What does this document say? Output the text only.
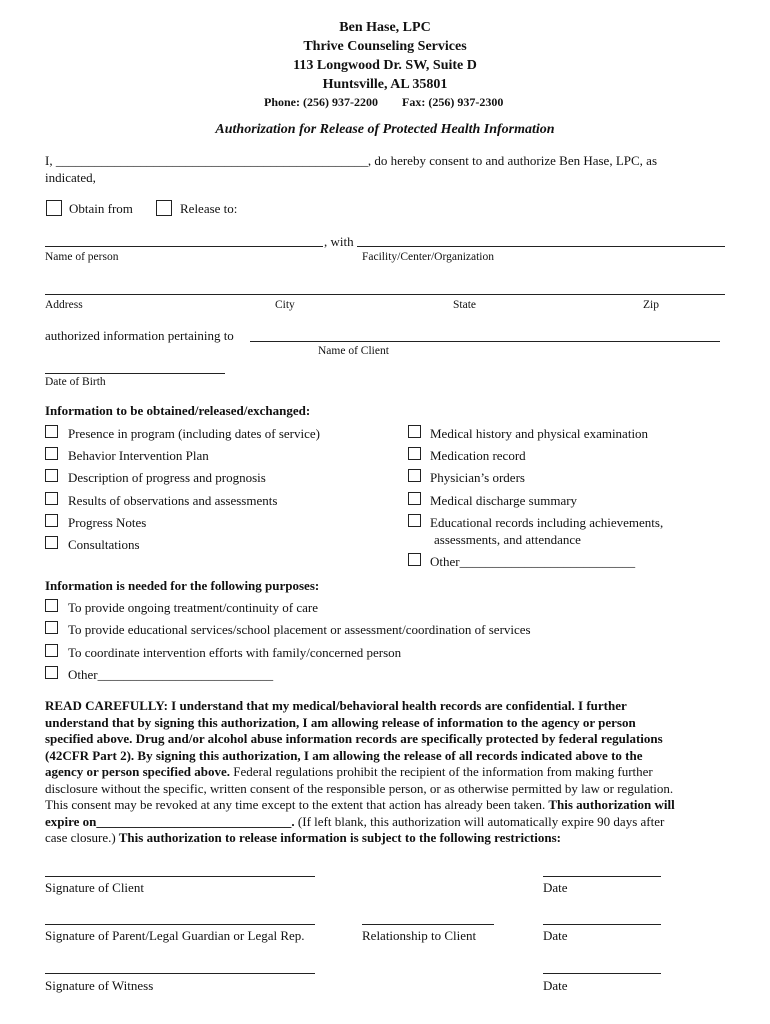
Ben Hase, LPC
Thrive Counseling Services
113 Longwood Dr. SW, Suite D
Huntsville, AL 35801
Phone: (256) 937-2200 Fax: (256) 937-2300
Authorization for Release of Protected Health Information
I, ________________________________________________, do hereby consent to and authorize Ben Hase, LPC, as
indicated,
Obtain from	Release to:
, with
Name of person	Facility/Center/Organization
Address	City	State	Zip
authorized information pertaining to
Name of Client
Date of Birth
Information to be obtained/released/exchanged:
Presence in program (including dates of service)
Behavior Intervention Plan
Description of progress and prognosis
Results of observations and assessments
Progress Notes
Consultations
Medical history and physical examination
Medication record
Physician’s orders
Medical discharge summary
Educational records including achievements,
assessments, and attendance
Other___________________________
Information is needed for the following purposes:
To provide ongoing treatment/continuity of care
To provide educational services/school placement or assessment/coordination of services
To coordinate intervention efforts with family/concerned person
Other___________________________

READ CAREFULLY: I understand that my medical/behavioral health records are confidential. I further

understand that by signing this authorization, I am allowing release of information to the agency or person

specified above. Drug and/or alcohol abuse information records are specifically protected by federal regulations

(42CFR Part 2). By signing this authorization, I am allowing the release of all records indicated above to the

agency or person specified above. Federal regulations prohibit the recipient of the information from making further

disclosure without the specific, written consent of the responsible person, or as otherwise permitted by law or regulation.

This consent may be revoked at any time except to the extent that action has already been taken. This authorization will

expire on______________________________. (If left blank, this authorization will automatically expire 90 days after

case closure.) This authorization to release information is subject to the following restrictions:

Signature of Client	Date
Signature of Parent/Legal Guardian or Legal Rep.	Relationship to Client	Date
Signature of Witness	Date
